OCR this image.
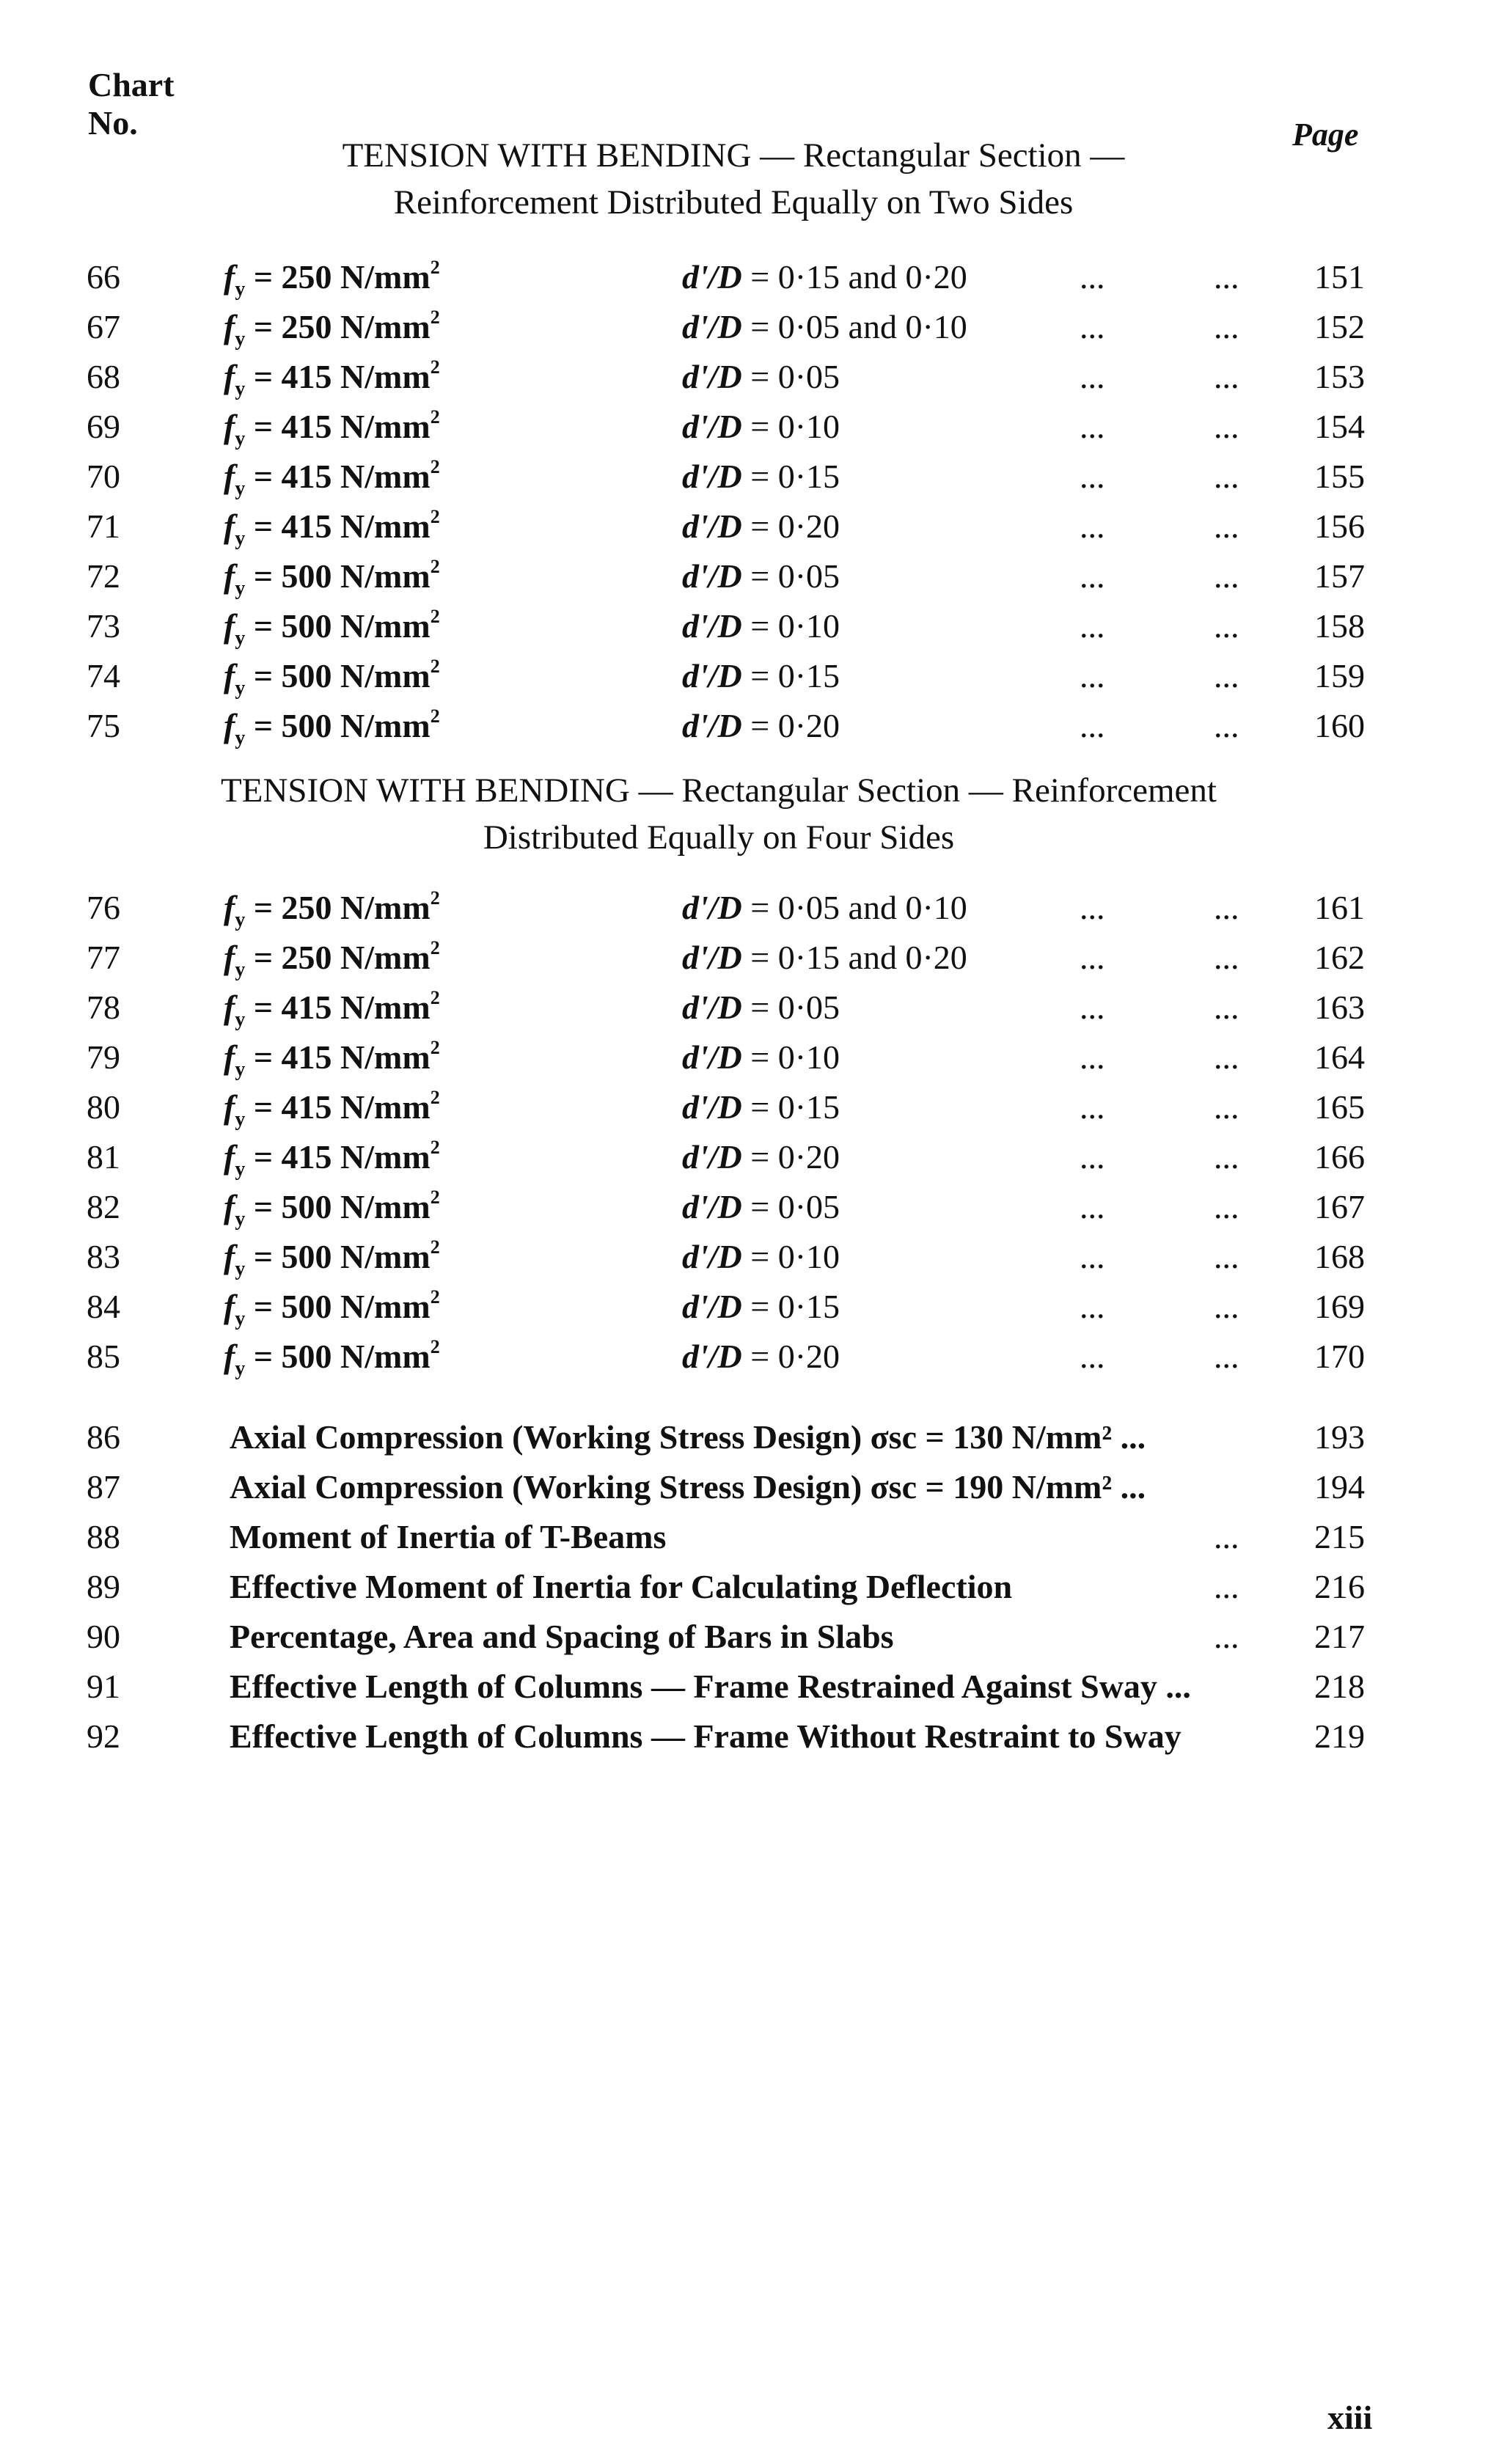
Chart
No.	Page
TENSION WITH BENDING — Rectangular Section —
Reinforcement Distributed Equally on Two Sides
66	$f_y = 250$ $N/mm^2$	d'/D = 0·15 and 0·20	...	... 151
67	$f_y = 250$ $N/mm^2$	d'/D = 0·05 and 0·10	...	... 152
68	$f_y = 415$ $N/mm^2$	d'/D = 0·05	...	... 153
69	$f_y = 415$ $N/mm^2$	d'/D = 0·10	...	... 154
70	$f_y = 415$ $N/mm^2$	d'/D = 0·15	...	... 155
71	$f_y = 415$ $N/mm^2$	d'/D = 0·20	...	... 156
72	$f_y = 500$ $N/mm^2$	d'/D = 0·05	...	... 157
73	$f_y = 500$ $N/mm^2$	d'/D = 0·10	...	... 158
74	$f_y = 500$ $N/mm^2$	d'/D = 0·15	...	... 159
75	$f_y = 500$ $N/mm^2$	d'/D = 0·20	...	... 160
TENSION WITH BENDING — Rectangular Section — Reinforcement
Distributed Equally on Four Sides
76	$f_y = 250$ $N/mm^2$	d'/D = 0·05 and 0·10	...	... 161
77	$f_y = 250$ $N/mm^2$	d'/D = 0·15 and 0·20	...	... 162
78	$f_y = 415$ $N/mm^2$	d'/D = 0·05	...	... 163
79	$f_y = 415$ $N/mm^2$	d'/D = 0·10	...	... 164
80	$f_y = 415$ $N/mm^2$	d'/D = 0·15	...	... 165
81	$f_y = 415$ $N/mm^2$	d'/D = 0·20	...	... 166
82	$f_y = 500$ $N/mm^2$	d'/D = 0·05	...	... 167
83	$f_y = 500$ $N/mm^2$	d'/D = 0·10	...	... 168
84	$f_y = 500$ $N/mm^2$	d'/D = 0·15	...	... 169
85	$f_y = 500$ $N/mm^2$	d'/D = 0·20	...	... 170
86	Axial Compression (Working Stress Design) σsc = 130 N/mm² ...	193
87	Axial Compression (Working Stress Design) σsc = 190 N/mm² ...	194
88	Moment of Inertia of T-Beams	... 215
89	Effective Moment of Inertia for Calculating Deflection	... 216
90	Percentage, Area and Spacing of Bars in Slabs	... 217
91	Effective Length of Columns — Frame Restrained Against Sway ...	218
92	Effective Length of Columns — Frame Without Restraint to Sway	219
xiii
